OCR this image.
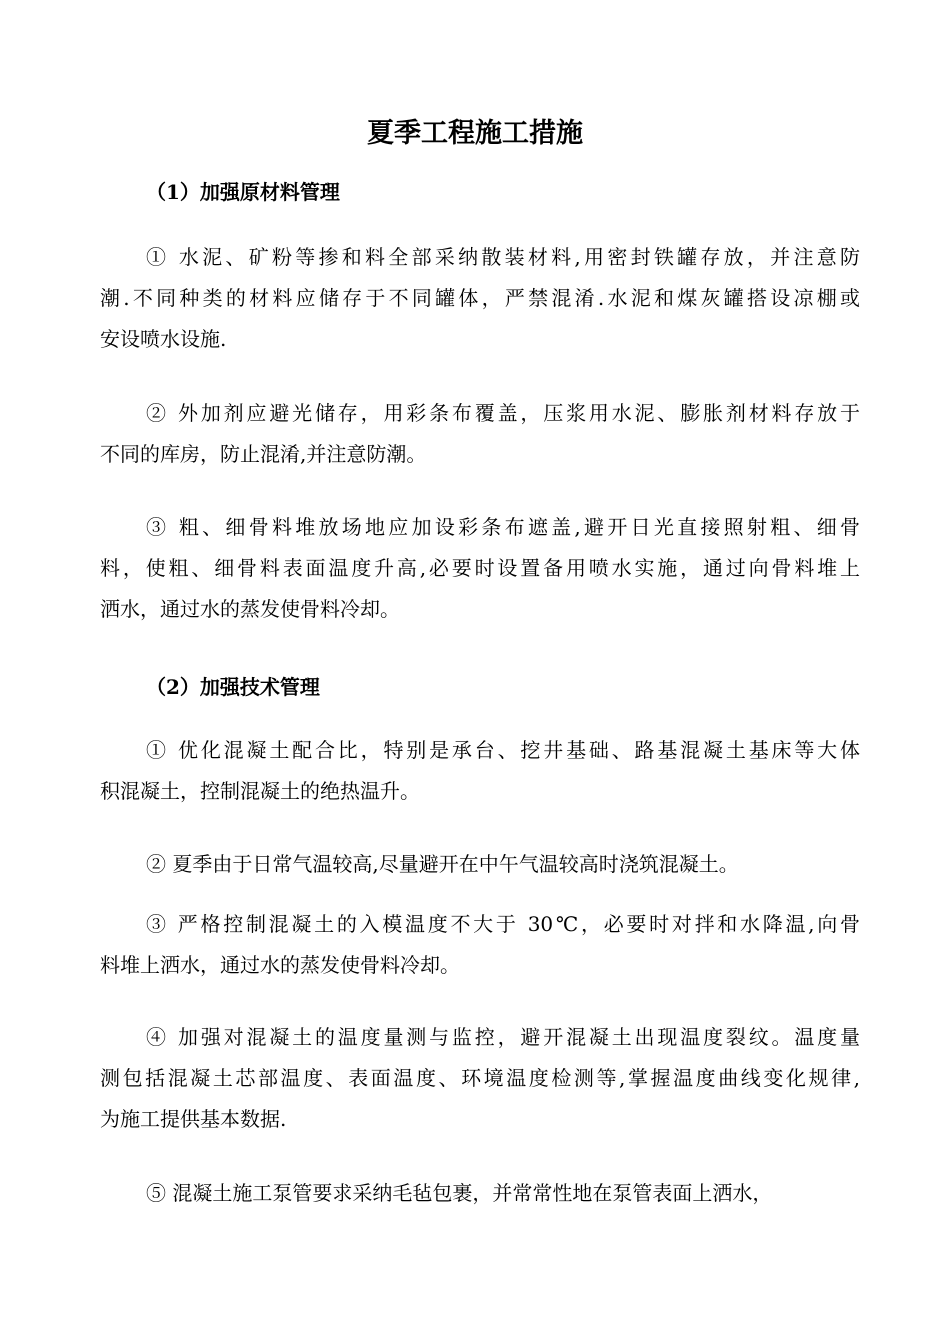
夏季工程施工措施
（1）加强原材料管理
① 水泥、矿粉等掺和料全部采纳散装材料,用密封铁罐存放，并注意防
潮.不同种类的材料应储存于不同罐体，严禁混淆.水泥和煤灰罐搭设凉棚或
安设喷水设施.
② 外加剂应避光储存，用彩条布覆盖，压浆用水泥、膨胀剂材料存放于
不同的库房，防止混淆,并注意防潮。
③ 粗、细骨料堆放场地应加设彩条布遮盖,避开日光直接照射粗、细骨
料，使粗、细骨料表面温度升高,必要时设置备用喷水实施，通过向骨料堆上
洒水，通过水的蒸发使骨料冷却。
（2）加强技术管理
① 优化混凝土配合比，特别是承台、挖井基础、路基混凝土基床等大体
积混凝土，控制混凝土的绝热温升。
② 夏季由于日常气温较高,尽量避开在中午气温较高时浇筑混凝土。
③ 严格控制混凝土的入模温度不大于 30℃，必要时对拌和水降温,向骨
料堆上洒水，通过水的蒸发使骨料冷却。
④ 加强对混凝土的温度量测与监控，避开混凝土出现温度裂纹。温度量
测包括混凝土芯部温度、表面温度、环境温度检测等,掌握温度曲线变化规律,
为施工提供基本数据.
⑤ 混凝土施工泵管要求采纳毛毡包裹，并常常性地在泵管表面上洒水，
